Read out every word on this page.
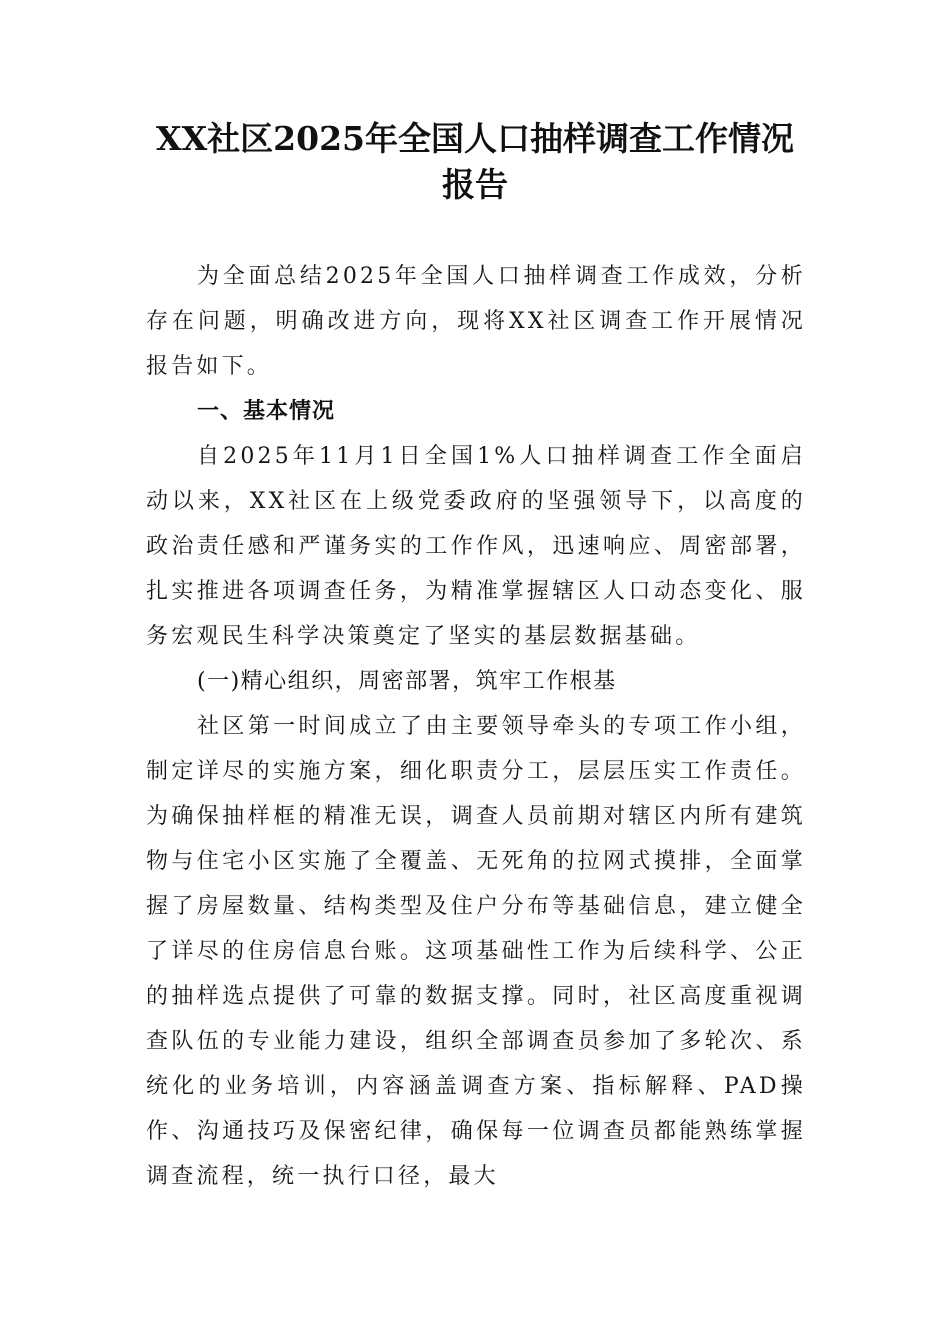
XX社区2025年全国人口抽样调查工作情况报告

为全面总结2025年全国人口抽样调查工作成效，分析存在问题，明确改进方向，现将XX社区调查工作开展情况报告如下。

一、基本情况

自2025年11月1日全国1%人口抽样调查工作全面启动以来，XX社区在上级党委政府的坚强领导下，以高度的政治责任感和严谨务实的工作作风，迅速响应、周密部署，扎实推进各项调查任务，为精准掌握辖区人口动态变化、服务宏观民生科学决策奠定了坚实的基层数据基础。

(一)精心组织，周密部署，筑牢工作根基

社区第一时间成立了由主要领导牵头的专项工作小组，制定详尽的实施方案，细化职责分工，层层压实工作责任。为确保抽样框的精准无误，调查人员前期对辖区内所有建筑物与住宅小区实施了全覆盖、无死角的拉网式摸排，全面掌握了房屋数量、结构类型及住户分布等基础信息，建立健全了详尽的住房信息台账。这项基础性工作为后续科学、公正的抽样选点提供了可靠的数据支撑。同时，社区高度重视调查队伍的专业能力建设，组织全部调查员参加了多轮次、系统化的业务培训，内容涵盖调查方案、指标解释、PAD操作、沟通技巧及保密纪律，确保每一位调查员都能熟练掌握调查流程，统一执行口径，最大
